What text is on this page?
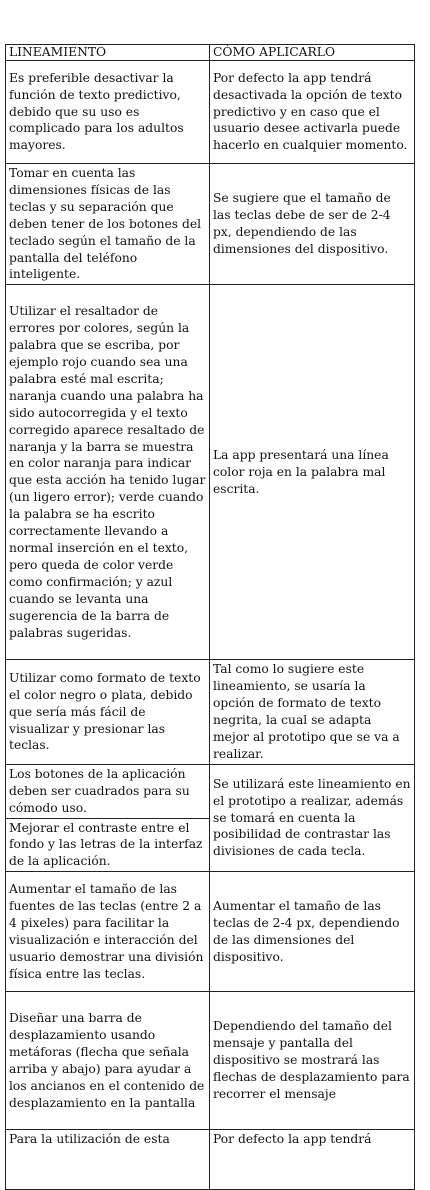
LINEAMIENTO	CÓMO APLICARLO
Es preferible desactivar la función de texto predictivo, debido que su uso es complicado para los adultos mayores.	Por defecto la app tendrá desactivada la opción de texto predictivo y en caso que el usuario desee activarla puede hacerlo en cualquier momento.
Tomar en cuenta las dimensiones físicas de las teclas y su separación que deben tener de los botones del teclado según el tamaño de la pantalla del teléfono inteligente.	Se sugiere que el tamaño de las teclas debe de ser de 2-4 px, dependiendo de las dimensiones del dispositivo.
Utilizar el resaltador de errores por colores, según la palabra que se escriba, por ejemplo rojo cuando sea una palabra esté mal escrita; naranja cuando una palabra ha sido autocorregida y el texto corregido aparece resaltado de naranja y la barra se muestra en color naranja para indicar que esta acción ha tenido lugar (un ligero error); verde cuando la palabra se ha escrito correctamente llevando a normal inserción en el texto, pero queda de color verde como confirmación; y azul cuando se levanta una sugerencia de la barra de palabras sugeridas.	La app presentará una línea color roja en la palabra mal escrita.
Utilizar como formato de texto el color negro o plata, debido que sería más fácil de visualizar y presionar las teclas.	Tal como lo sugiere este lineamiento, se usaría la opción de formato de texto negrita, la cual se adapta mejor al prototipo que se va a realizar.
Los botones de la aplicación deben ser cuadrados para su cómodo uso.	Se utilizará este lineamiento en el prototipo a realizar, además se tomará en cuenta la posibilidad de contrastar las divisiones de cada tecla.
Mejorar el contraste entre el fondo y las letras de la interfaz de la aplicación.	
Aumentar el tamaño de las fuentes de las teclas (entre 2 a 4 pixeles) para facilitar la visualización e interacción del usuario demostrar una división física entre las teclas.	Aumentar el tamaño de las teclas de 2-4 px, dependiendo de las dimensiones del dispositivo.
Diseñar una barra de desplazamiento usando metáforas (flecha que señala arriba y abajo) para ayudar a los ancianos en el contenido de desplazamiento en la pantalla	Dependiendo del tamaño del mensaje y pantalla del dispositivo se mostrará las flechas de desplazamiento para recorrer el mensaje
Para la utilización de esta	Por defecto la app tendrá
